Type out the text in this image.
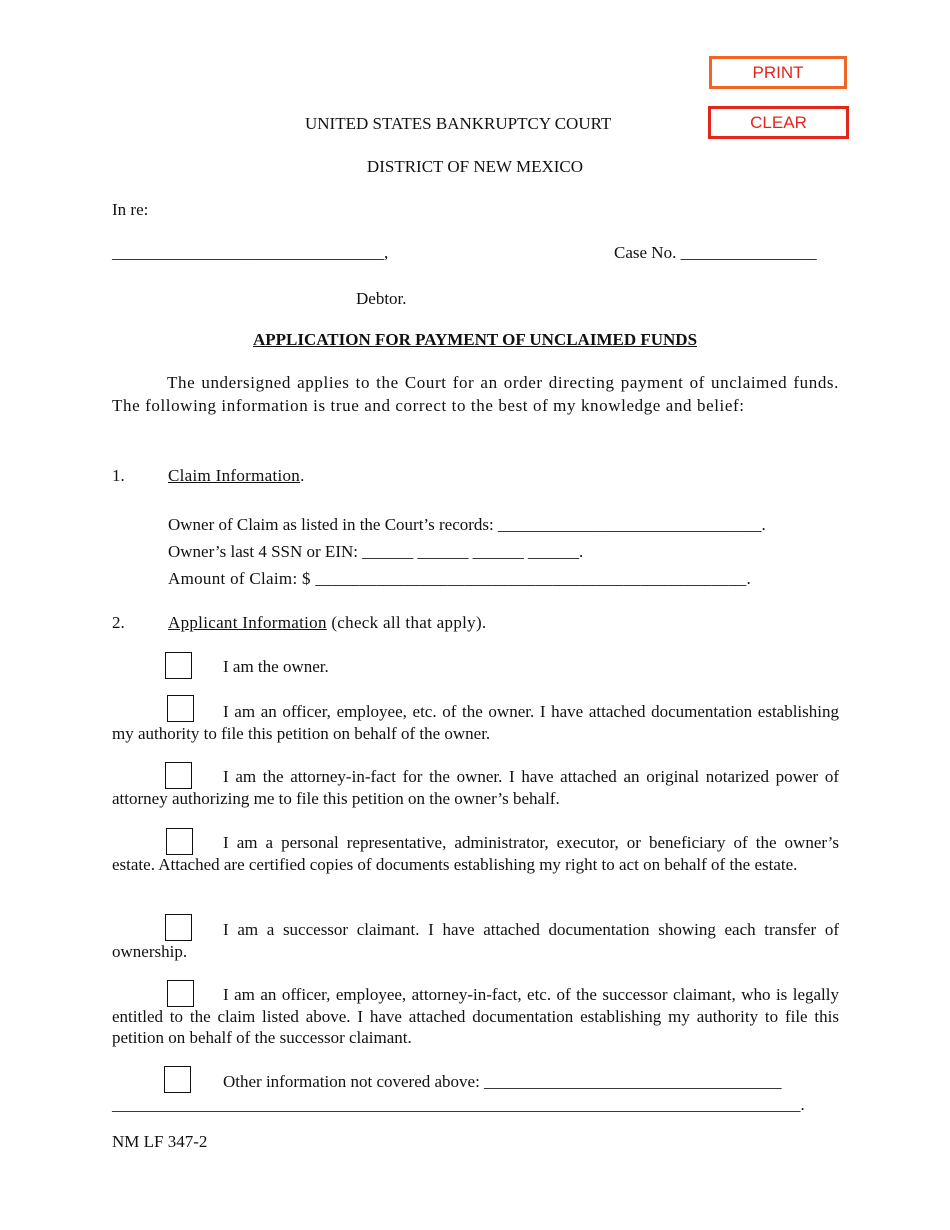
PRINT
CLEAR
UNITED STATES BANKRUPTCY COURT
DISTRICT OF NEW MEXICO
In re:
________________________________,	Case No. ________________
Debtor.
APPLICATION FOR PAYMENT OF UNCLAIMED FUNDS
The undersigned applies to the Court for an order directing payment of unclaimed funds. The following information is true and correct to the best of my knowledge and belief:
1.	Claim Information.
Owner of Claim as listed in the Court’s records: _______________________________.
Owner’s last 4 SSN or EIN: ______ ______ ______ ______.
Amount of Claim: $ _________________________________________________.
2.	Applicant Information (check all that apply).
I am the owner.
I am an officer, employee, etc. of the owner. I have attached documentation establishing my authority to file this petition on behalf of the owner.
I am the attorney-in-fact for the owner. I have attached an original notarized power of attorney authorizing me to file this petition on the owner’s behalf.
I am a personal representative, administrator, executor, or beneficiary of the owner’s estate. Attached are certified copies of documents establishing my right to act on behalf of the estate.
I am a successor claimant. I have attached documentation showing each transfer of ownership.
I am an officer, employee, attorney-in-fact, etc. of the successor claimant, who is legally entitled to the claim listed above. I have attached documentation establishing my authority to file this petition on behalf of the successor claimant.
Other information not covered above: ___________________________________
_________________________________________________________________________________.
NM LF 347-2
